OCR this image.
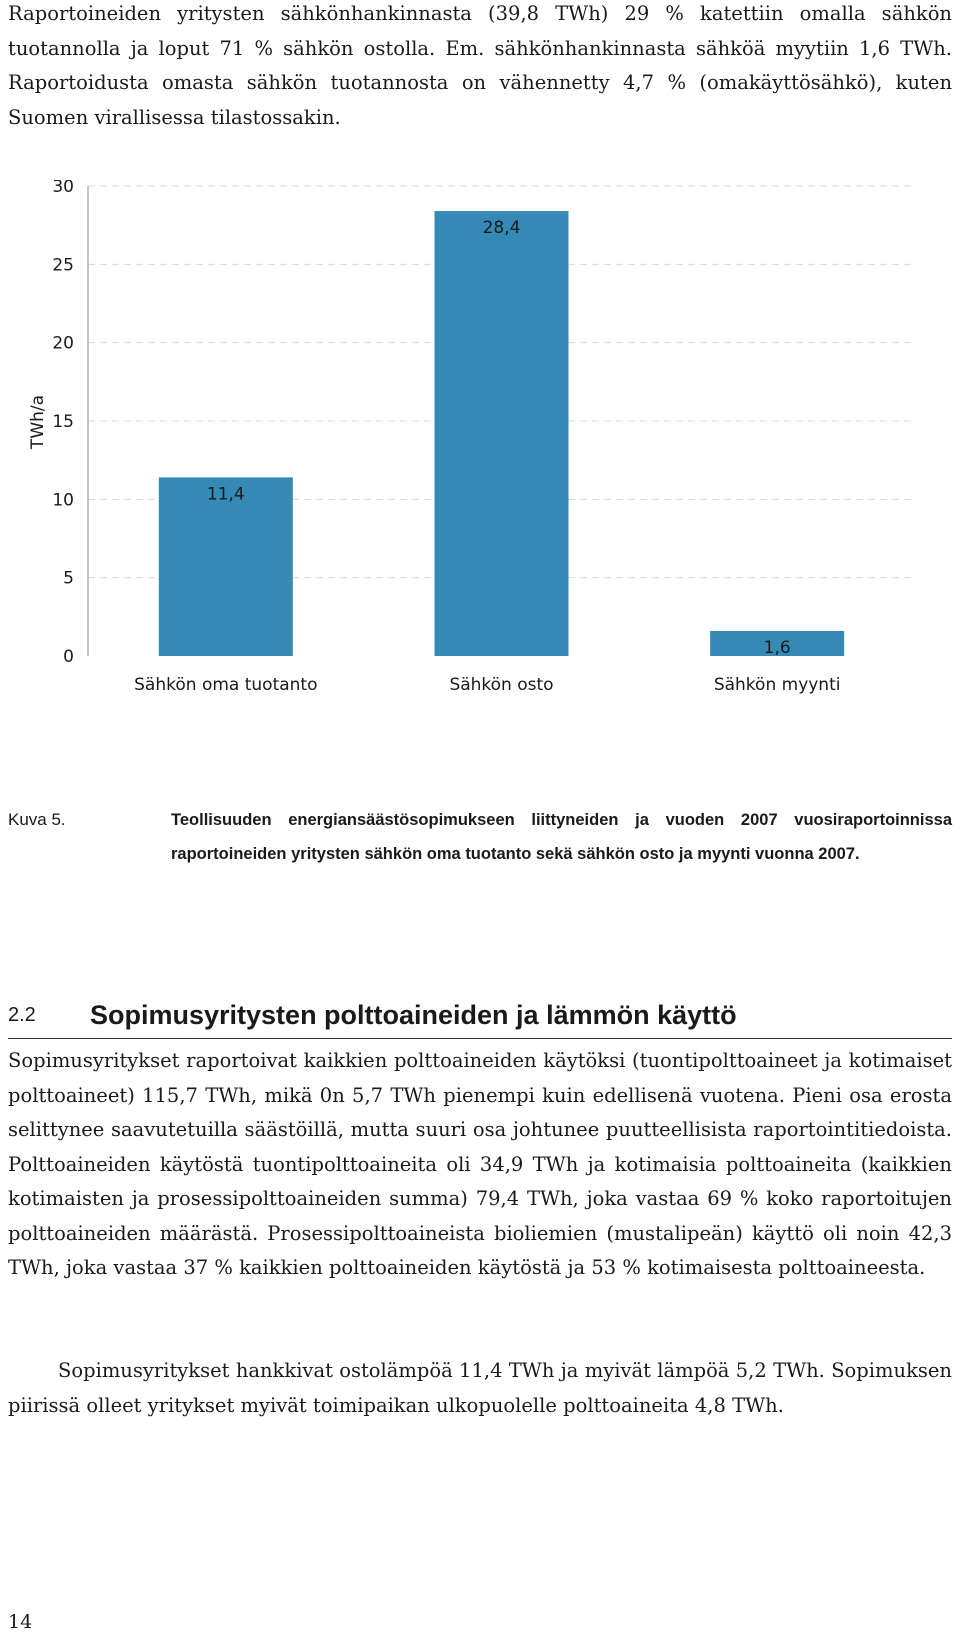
Raportoineiden yritysten sähkönhankinnasta (39,8 TWh) 29 % katettiin omalla sähkön tuotannolla ja loput 71 % sähkön ostolla. Em. sähkönhankinnasta sähköä myytiin 1,6 TWh. Raportoidusta omasta sähkön tuotannosta on vähennetty 4,7 % (omakäyttösähkö), kuten Suomen virallisessa tilastossakin.

0
5
10
15
20
25
30
11,4
28,4
1,6
Sähkön oma tuotanto	Sähkön osto	Sähkön myynti
TWh/a
Kuva 5.	Teollisuuden energiansäästösopimukseen liittyneiden ja vuoden 2007 vuosiraportoinnissa raportoineiden yritysten sähkön oma tuotanto sekä sähkön osto ja myynti vuonna 2007.

2.2 Sopimusyritysten polttoaineiden ja lämmön käyttö

Sopimusyritykset raportoivat kaikkien polttoaineiden käytöksi (tuontipolttoaineet ja kotimaiset polttoaineet) 115,7 TWh, mikä 0n 5,7 TWh pienempi kuin edellisenä vuotena. Pieni osa erosta selittynee saavutetuilla säästöillä, mutta suuri osa johtunee puutteellisista raportointitiedoista. Polttoaineiden käytöstä tuontipolttoaineita oli 34,9 TWh ja kotimaisia polttoaineita (kaikkien kotimaisten ja prosessipolttoaineiden summa) 79,4 TWh, joka vastaa 69 % koko raportoitujen polttoaineiden määrästä. Prosessipolttoaineista bioliemien (mustalipeän) käyttö oli noin 42,3 TWh, joka vastaa 37 % kaikkien polttoaineiden käytöstä ja 53 % kotimaisesta polttoaineesta.

Sopimusyritykset hankkivat ostolämpöä 11,4 TWh ja myivät lämpöä 5,2 TWh. Sopimuksen piirissä olleet yritykset myivät toimipaikan ulkopuolelle polttoaineita 4,8 TWh.

14
